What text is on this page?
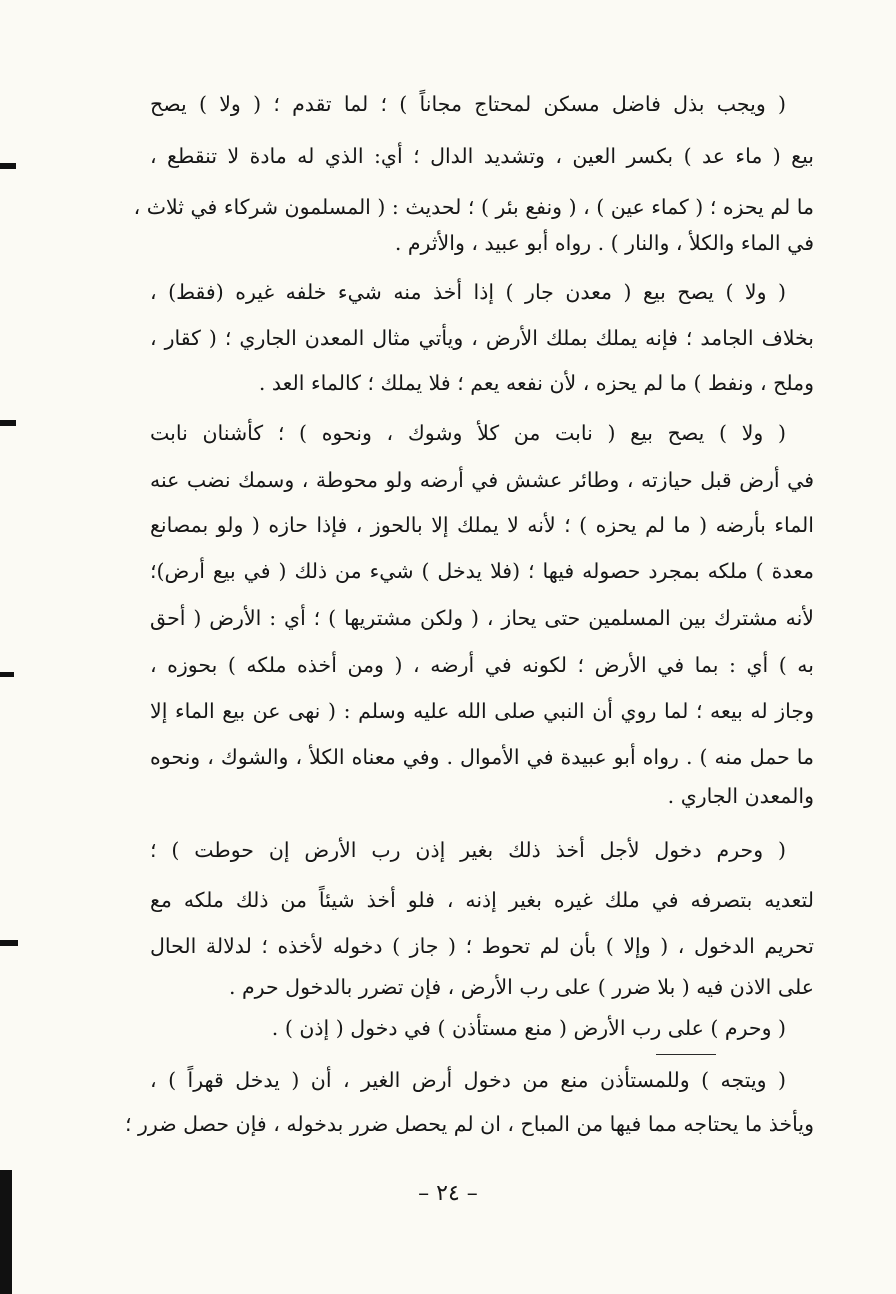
( ويجب بذل فاضل مسكن لمحتاج مجاناً ) ؛ لما تقدم ؛ ( ولا ) يصح
بيع ( ماء عد ) بكسر العين ، وتشديد الدال ؛ أي: الذي له مادة لا تنقطع ،
ما لم يحزه ؛ ( كماء عين ) ، ( ونفع بئر ) ؛ لحديث : ( المسلمون شركاء في ثلاث ،
في الماء والكلأ ، والنار ) . رواه أبو عبيد ، والأثرم .
( ولا ) يصح بيع ( معدن جار ) إذا أخذ منه شيء خلفه غيره (فقط) ،
بخلاف الجامد ؛ فإنه يملك بملك الأرض ، ويأتي مثال المعدن الجاري ؛ ( كقار ،
وملح ، ونفط ) ما لم يحزه ، لأن نفعه يعم ؛ فلا يملك ؛ كالماء العد .
( ولا ) يصح بيع ( نابت من كلأ وشوك ، ونحوه ) ؛ كأشنان نابت
في أرض قبل حيازته ، وطائر عشش في أرضه ولو محوطة ، وسمك نضب عنه
الماء بأرضه ( ما لم يحزه ) ؛ لأنه لا يملك إلا بالحوز ، فإذا حازه ( ولو بمصانع
معدة ) ملكه بمجرد حصوله فيها ؛ (فلا يدخل ) شيء من ذلك ( في بيع أرض)؛
لأنه مشترك بين المسلمين حتى يحاز ، ( ولكن مشتريها ) ؛ أي : الأرض ( أحق
به ) أي : بما في الأرض ؛ لكونه في أرضه ، ( ومن أخذه ملكه ) بحوزه ،
وجاز له بيعه ؛ لما روي أن النبي صلى الله عليه وسلم : ( نهى عن بيع الماء إلا
ما حمل منه ) . رواه أبو عبيدة في الأموال . وفي معناه الكلأ ، والشوك ، ونحوه
والمعدن الجاري .
( وحرم دخول لأجل أخذ ذلك بغير إذن رب الأرض إن حوطت ) ؛
لتعديه بتصرفه في ملك غيره بغير إذنه ، فلو أخذ شيئاً من ذلك ملكه مع
تحريم الدخول ، ( وإلا ) بأن لم تحوط ؛ ( جاز ) دخوله لأخذه ؛ لدلالة الحال
على الاذن فيه ( بلا ضرر ) على رب الأرض ، فإن تضرر بالدخول حرم .
( وحرم ) على رب الأرض ( منع مستأذن ) في دخول ( إذن ) .
( ويتجه ) وللمستأذن منع من دخول أرض الغير ، أن ( يدخل قهراً ) ،
ويأخذ ما يحتاجه مما فيها من المباح ، ان لم يحصل ضرر بدخوله ، فإن حصل ضرر ؛
– ٢٤ –
